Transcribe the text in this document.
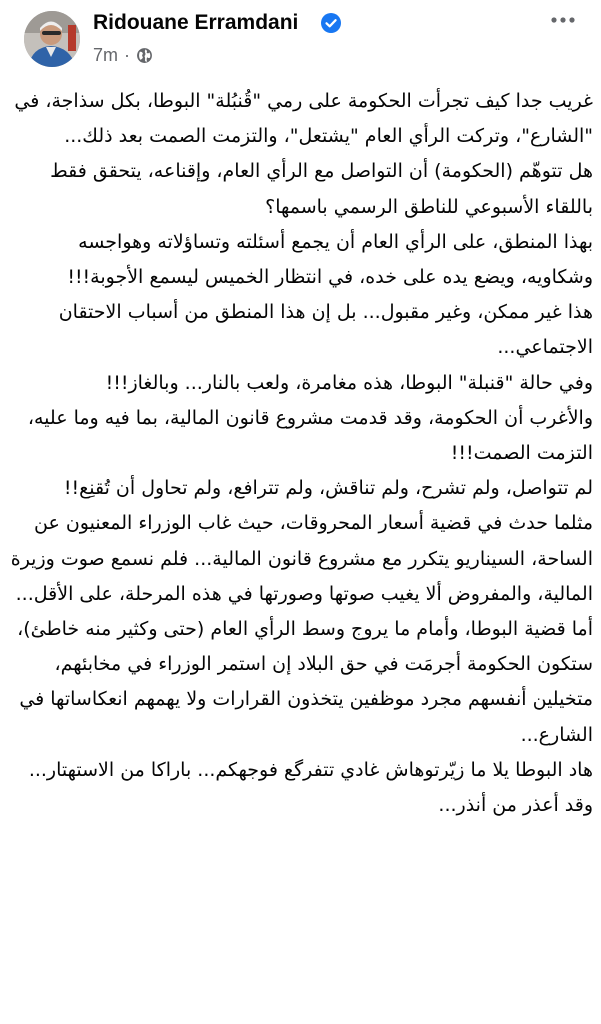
Ridouane Erramdani
7m ·

غريب جدا كيف تجرأت الحكومة على رمي "قُنبُلة" البوطا، بكل سذاجة، في "الشارع"، وتركت الرأي العام "يشتعل"، والتزمت الصمت بعد ذلك...

هل تتوهّم (الحكومة) أن التواصل مع الرأي العام، وإقناعه، يتحقق فقط باللقاء الأسبوعي للناطق الرسمي باسمها؟

بهذا المنطق، على الرأي العام أن يجمع أسئلته وتساؤلاته وهواجسه وشكاويه، ويضع يده على خده، في انتظار الخميس ليسمع الأجوبة!!!

هذا غير ممكن، وغير مقبول... بل إن هذا المنطق من أسباب الاحتقان الاجتماعي...

وفي حالة "قنبلة" البوطا، هذه مغامرة، ولعب بالنار... وبالغاز!!!

والأغرب أن الحكومة، وقد قدمت مشروع قانون المالية، بما فيه وما عليه، التزمت الصمت!!!

لم تتواصل، ولم تشرح، ولم تناقش، ولم تترافع، ولم تحاول أن تُقنِع!!

مثلما حدث في قضية أسعار المحروقات، حيث غاب الوزراء المعنيون عن الساحة، السيناريو يتكرر مع مشروع قانون المالية... فلم نسمع صوت وزيرة المالية، والمفروض ألا يغيب صوتها وصورتها في هذه المرحلة، على الأقل...

أما قضية البوطا، وأمام ما يروج وسط الرأي العام (حتى وكثير منه خاطئ)، ستكون الحكومة أجرمَت في حق البلاد إن استمر الوزراء في مخابئهم، متخيلين أنفسهم مجرد موظفين يتخذون القرارات ولا يهمهم انعكاساتها في الشارع...

هاد البوطا يلا ما زيّرتوهاش غادي تتفرگع فوجهكم... باراكا من الاستهتار...

وقد أعذر من أنذر...
